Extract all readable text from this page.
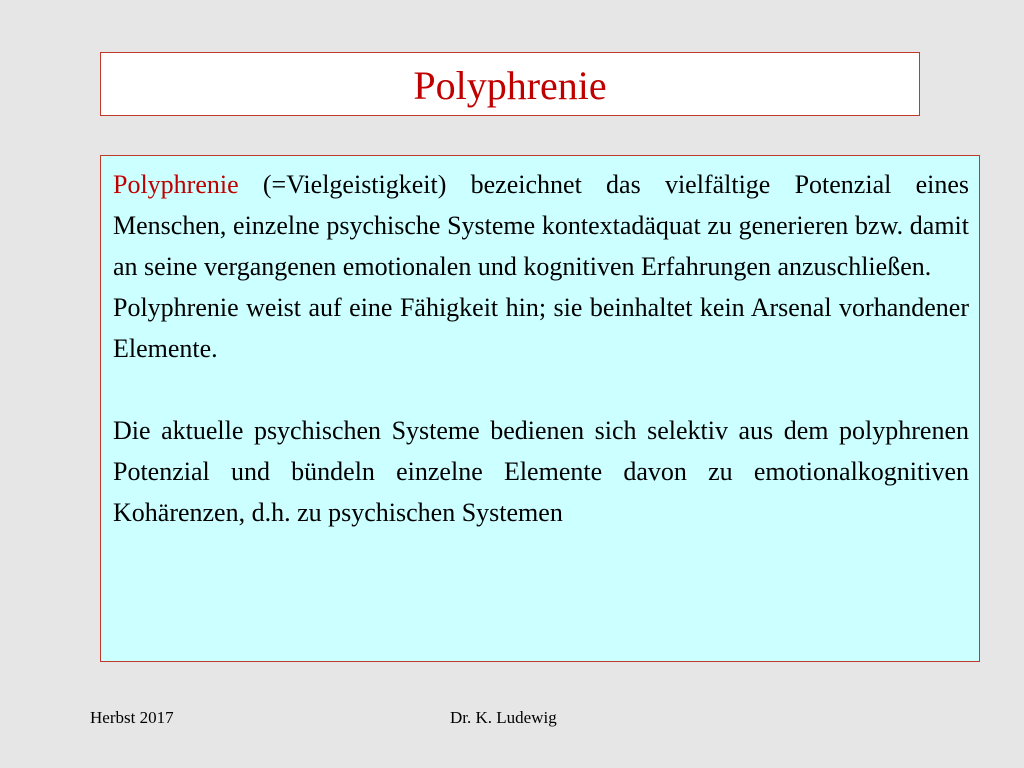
Polyphrenie

Polyphrenie (=Vielgeistigkeit) bezeichnet das vielfältige Potenzial eines Menschen, einzelne psychische Systeme kontextadäquat zu generieren bzw. damit an seine vergangenen emotionalen und kognitiven Erfahrungen anzuschließen.

Polyphrenie weist auf eine Fähigkeit hin; sie beinhaltet kein Arsenal vorhandener Elemente.

Die aktuelle psychischen Systeme bedienen sich selektiv aus dem polyphrenen Potenzial und bündeln einzelne Elemente davon zu emotionalkognitiven Kohärenzen, d.h. zu psychischen Systemen

Herbst 2017	Dr. K. Ludewig
